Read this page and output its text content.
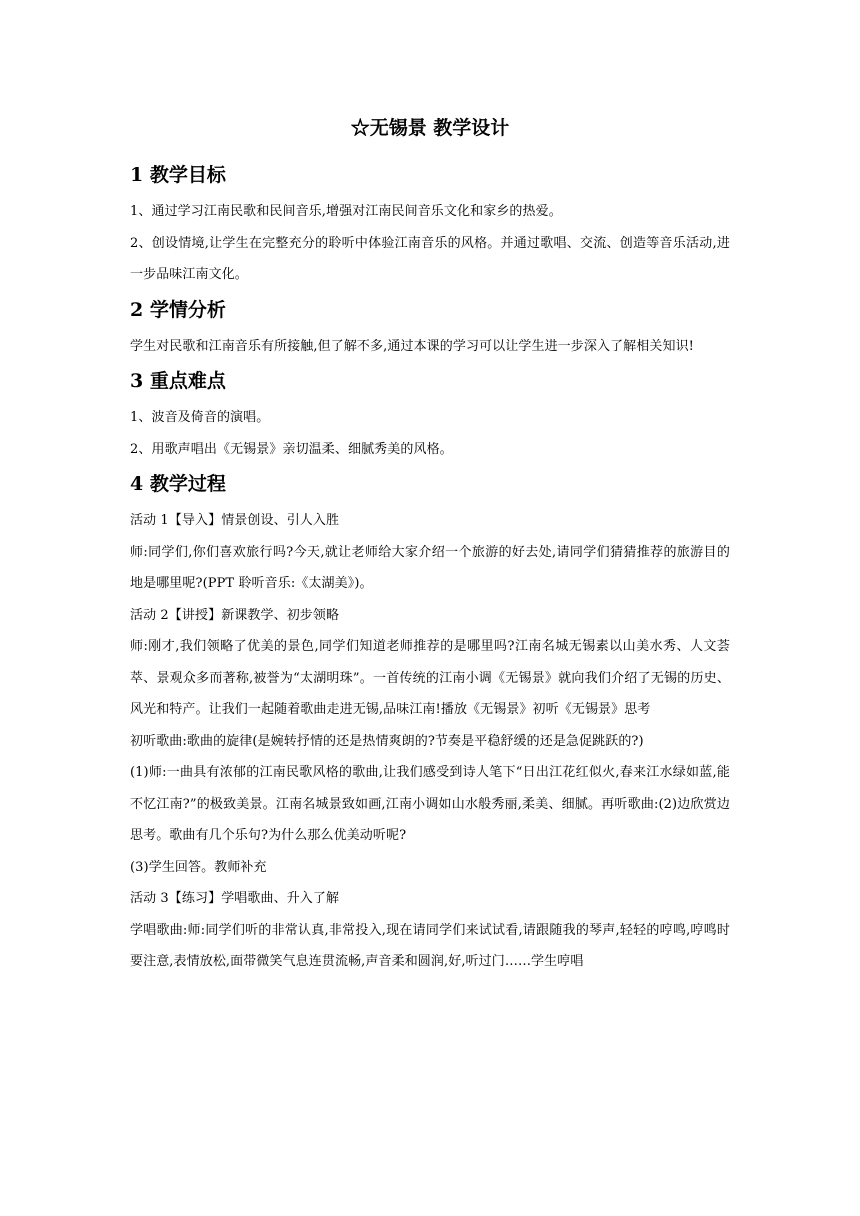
☆无锡景 教学设计
1 教学目标

1、通过学习江南民歌和民间音乐,增强对江南民间音乐文化和家乡的热爱。

2、创设情境,让学生在完整充分的聆听中体验江南音乐的风格。并通过歌唱、交流、创造等音乐活动,进一步品味江南文化。

2 学情分析

学生对民歌和江南音乐有所接触,但了解不多,通过本课的学习可以让学生进一步深入了解相关知识!

3 重点难点

1、波音及倚音的演唱。

2、用歌声唱出《无锡景》亲切温柔、细腻秀美的风格。

4 教学过程

活动 1【导入】情景创设、引人入胜

师:同学们,你们喜欢旅行吗?今天,就让老师给大家介绍一个旅游的好去处,请同学们猜猜推荐的旅游目的地是哪里呢?(PPT 聆听音乐:《太湖美》)。

活动 2【讲授】新课教学、初步领略

师:刚才,我们领略了优美的景色,同学们知道老师推荐的是哪里吗?江南名城无锡素以山美水秀、人文荟萃、景观众多而著称,被誉为“太湖明珠”。一首传统的江南小调《无锡景》就向我们介绍了无锡的历史、风光和特产。让我们一起随着歌曲走进无锡,品味江南!播放《无锡景》初听《无锡景》思考

初听歌曲:歌曲的旋律(是婉转抒情的还是热情爽朗的?节奏是平稳舒缓的还是急促跳跃的?)

(1)师:一曲具有浓郁的江南民歌风格的歌曲,让我们感受到诗人笔下“日出江花红似火,春来江水绿如蓝,能不忆江南?”的极致美景。江南名城景致如画,江南小调如山水般秀丽,柔美、细腻。再听歌曲:(2)边欣赏边思考。歌曲有几个乐句?为什么那么优美动听呢?

(3)学生回答。教师补充

活动 3【练习】学唱歌曲、升入了解

学唱歌曲:师:同学们听的非常认真,非常投入,现在请同学们来试试看,请跟随我的琴声,轻轻的哼鸣,哼鸣时要注意,表情放松,面带微笑气息连贯流畅,声音柔和圆润,好,听过门……学生哼唱
